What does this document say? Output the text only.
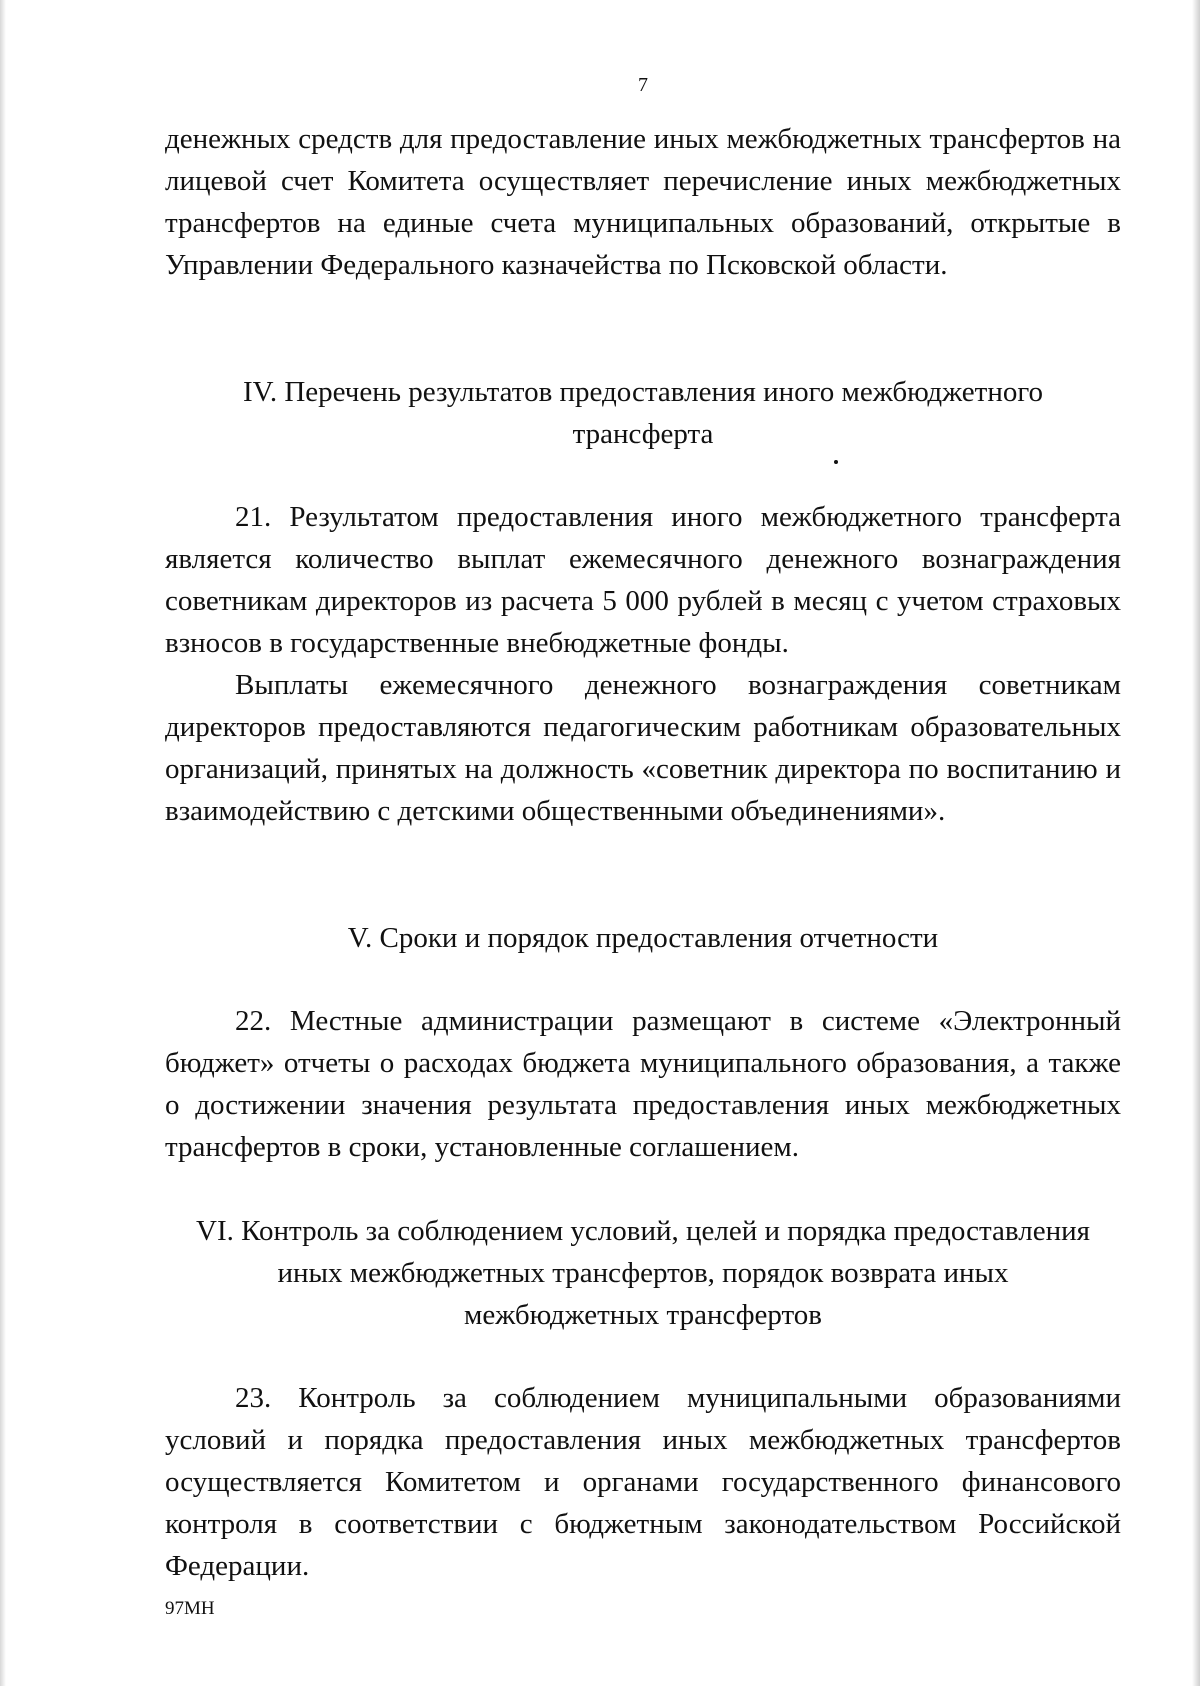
7

денежных средств для предоставление иных межбюджетных трансфертов на лицевой счет Комитета осуществляет перечисление иных межбюджетных трансфертов на единые счета муниципальных образований, открытые в Управлении Федерального казначейства по Псковской области.

IV. Перечень результатов предоставления иного межбюджетного
трансферта

21. Результатом предоставления иного межбюджетного трансферта является количество выплат ежемесячного денежного вознаграждения советникам директоров из расчета 5 000 рублей в месяц с учетом страховых взносов в государственные внебюджетные фонды.

Выплаты ежемесячного денежного вознаграждения советникам директоров предоставляются педагогическим работникам образовательных организаций, принятых на должность «советник директора по воспитанию и взаимодействию с детскими общественными объединениями».

V. Сроки и порядок предоставления отчетности

22. Местные администрации размещают в системе «Электронный бюджет» отчеты о расходах бюджета муниципального образования, а также о достижении значения результата предоставления иных межбюджетных трансфертов в сроки, установленные соглашением.

VI. Контроль за соблюдением условий, целей и порядка предоставления
иных межбюджетных трансфертов, порядок возврата иных
межбюджетных трансфертов

23. Контроль за соблюдением муниципальными образованиями условий и порядка предоставления иных межбюджетных трансфертов осуществляется Комитетом и органами государственного финансового контроля в соответствии с бюджетным законодательством Российской Федерации.

97МН
